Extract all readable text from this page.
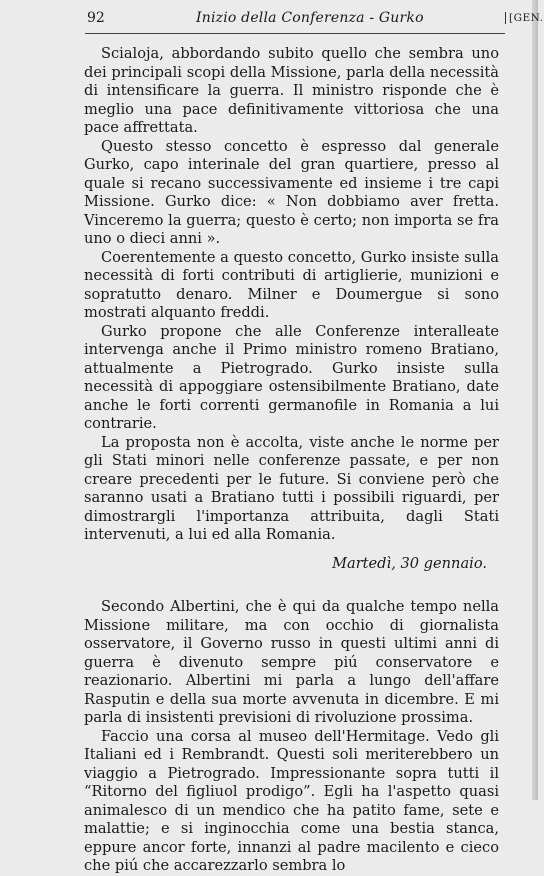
92	Inizio della Conferenza - Gurko	[GEN.

Scialoja, abbordando subito quello che sembra uno dei principali scopi della Missione, parla della necessità di intensificare la guerra. Il ministro risponde che è meglio una pace definitivamente vittoriosa che una pace affrettata.

Questo stesso concetto è espresso dal generale Gurko, capo interinale del gran quartiere, presso al quale si recano successivamente ed insieme i tre capi Missione. Gurko dice: « Non dobbiamo aver fretta. Vinceremo la guerra; questo è certo; non importa se fra uno o dieci anni ».

Coerentemente a questo concetto, Gurko insiste sulla necessità di forti contributi di artiglierie, munizioni e sopratutto denaro. Milner e Doumergue si sono mostrati alquanto freddi.

Gurko propone che alle Conferenze interalleate intervenga anche il Primo ministro romeno Bratiano, attualmente a Pietrogrado. Gurko insiste sulla necessità di appoggiare ostensibilmente Bratiano, date anche le forti correnti germanofile in Romania a lui contrarie.

La proposta non è accolta, viste anche le norme per gli Stati minori nelle conferenze passate, e per non creare precedenti per le future. Si conviene però che saranno usati a Bratiano tutti i possibili riguardi, per dimostrargli l'importanza attribuita, dagli Stati intervenuti, a lui ed alla Romania.

Martedì, 30 gennaio.

Secondo Albertini, che è qui da qualche tempo nella Missione militare, ma con occhio di giornalista osservatore, il Governo russo in questi ultimi anni di guerra è divenuto sempre piú conservatore e reazionario. Albertini mi parla a lungo dell'affare Rasputin e della sua morte avvenuta in dicembre. E mi parla di insistenti previsioni di rivoluzione prossima.

Faccio una corsa al museo dell'Hermitage. Vedo gli Italiani ed i Rembrandt. Questi soli meriterebbero un viaggio a Pietrogrado. Impressionante sopra tutti il “Ritorno del figliuol prodigo”. Egli ha l'aspetto quasi animalesco di un mendico che ha patito fame, sete e malattie; e si inginocchia come una bestia stanca, eppure ancor forte, innanzi al padre macilento e cieco che piú che accarezzarlo sembra lo
